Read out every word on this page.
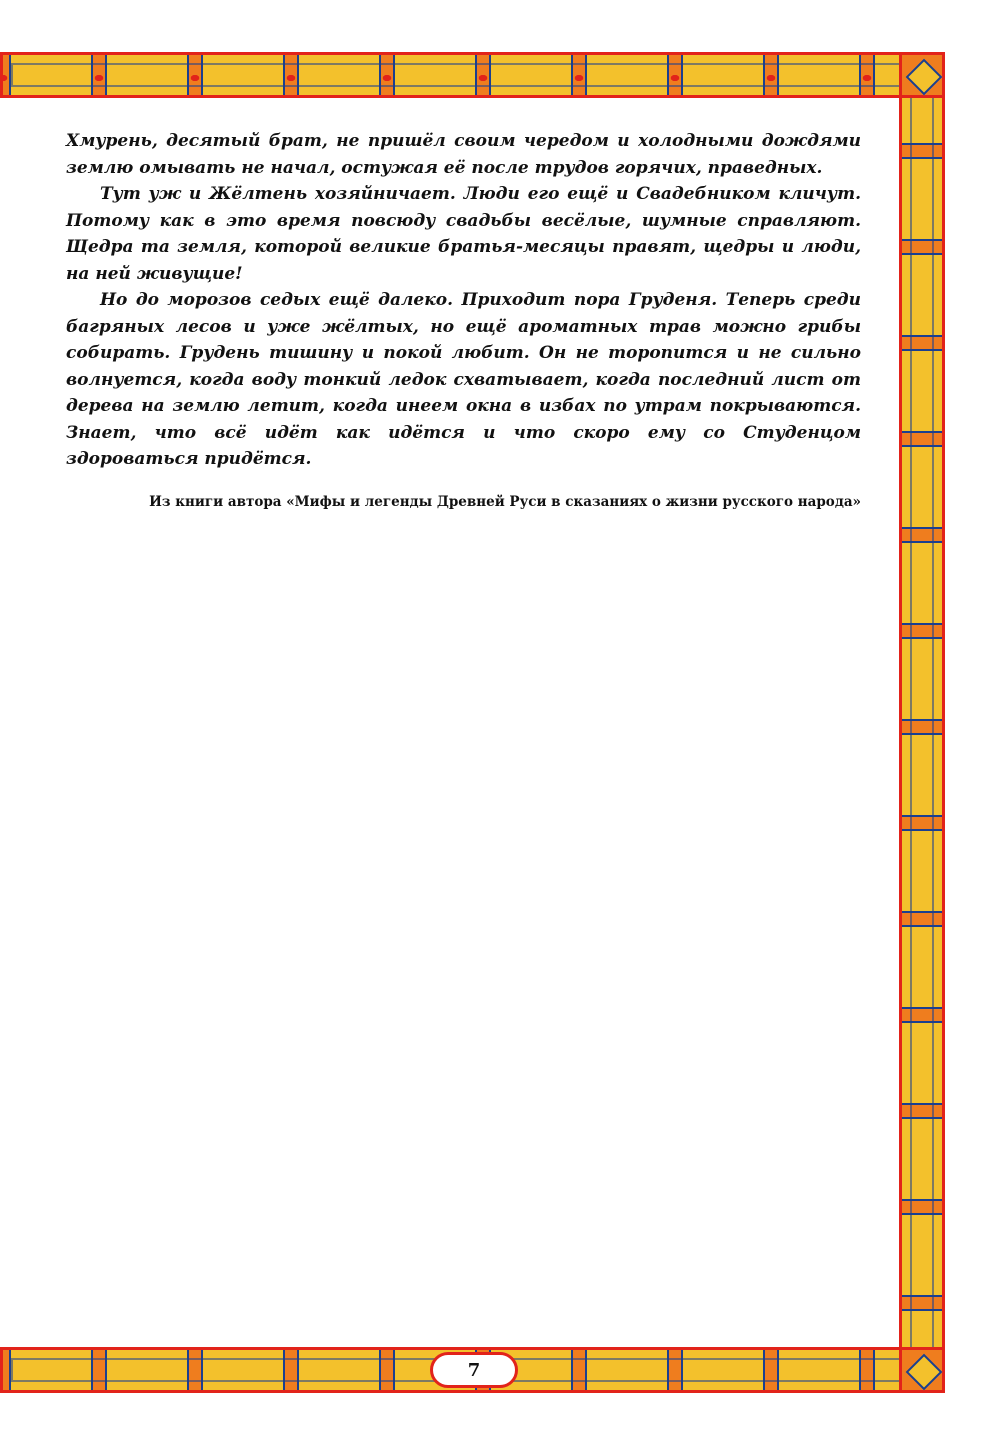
Хмурень, десятый брат, не пришёл своим чередом и холодными дождями землю омывать не начал, остужая её после трудов горячих, праведных.

Тут уж и Жёлтень хозяйничает. Люди его ещё и Свадебником кличут. Потому как в это время повсюду свадьбы весёлые, шумные справляют. Щедра та земля, которой великие братья-месяцы правят, щедры и люди, на ней живущие!

Но до морозов седых ещё далеко. Приходит пора Груденя. Теперь среди багряных лесов и уже жёлтых, но ещё ароматных трав можно грибы собирать. Грудень тишину и покой любит. Он не торопится и не сильно волнуется, когда воду тонкий ледок схватывает, когда последний лист от дерева на землю летит, когда инеем окна в избах по утрам покрываются. Знает, что всё идёт как идётся и что скоро ему со Студенцом здороваться придётся.

Из книги автора «Мифы и легенды Древней Руси в сказаниях о жизни русского народа»

7
